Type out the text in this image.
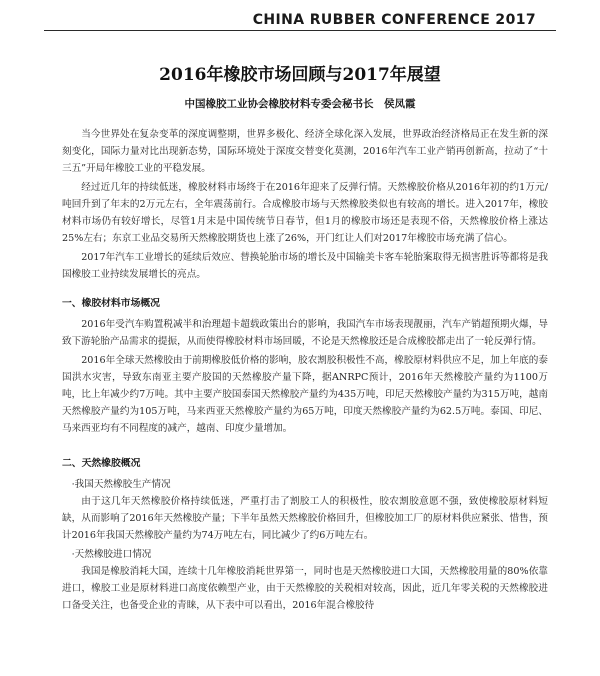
CHINA RUBBER CONFERENCE 2017
2016年橡胶市场回顾与2017年展望
中国橡胶工业协会橡胶材料专委会秘书长　侯凤霞

当今世界处在复杂变革的深度调整期，世界多极化、经济全球化深入发展，世界政治经济格局正在发生新的深刻变化，国际力量对比出现新态势，国际环境处于深度交替变化莫测，2016年汽车工业产销再创新高，拉动了“十三五”开局年橡胶工业的平稳发展。

经过近几年的持续低迷，橡胶材料市场终于在2016年迎来了反弹行情。天然橡胶价格从2016年初的约1万元/吨回升到了年末的2万元左右，全年震荡前行。合成橡胶市场与天然橡胶类似也有较高的增长。进入2017年，橡胶材料市场仍有较好增长，尽管1月末是中国传统节日春节，但1月的橡胶市场还是表现不俗，天然橡胶价格上涨达25%左右；东京工业品交易所天然橡胶期货也上涨了26%，开门红让人们对2017年橡胶市场充满了信心。

2017年汽车工业增长的延续后效应、替换轮胎市场的增长及中国输美卡客车轮胎案取得无损害胜诉等都将是我国橡胶工业持续发展增长的亮点。

一、橡胶材料市场概况

2016年受汽车购置税减半和治理超卡超载政策出台的影响，我国汽车市场表现靓丽，汽车产销超预期火爆，导致下游轮胎产品需求的提振，从而使得橡胶材料市场回暖，不论是天然橡胶还是合成橡胶都走出了一轮反弹行情。

2016年全球天然橡胶由于前期橡胶低价格的影响，胶农割胶积极性不高，橡胶原材料供应不足，加上年底的泰国洪水灾害，导致东南亚主要产胶国的天然橡胶产量下降，据ANRPC预计，2016年天然橡胶产量约为1100万吨，比上年减少约7万吨。其中主要产胶国泰国天然橡胶产量约为435万吨，印尼天然橡胶产量约为315万吨，越南天然橡胶产量约为105万吨，马来西亚天然橡胶产量约为65万吨，印度天然橡胶产量约为62.5万吨。泰国、印尼、马来西亚均有不同程度的减产，越南、印度少量增加。

二、天然橡胶概况
·我国天然橡胶生产情况

由于这几年天然橡胶价格持续低迷，严重打击了割胶工人的积极性，胶农割胶意愿不强，致使橡胶原材料短缺，从而影响了2016年天然橡胶产量；下半年虽然天然橡胶价格回升，但橡胶加工厂的原材料供应紧张、惜售，预计2016年我国天然橡胶产量约为74万吨左右，同比减少了约6万吨左右。

·天然橡胶进口情况

我国是橡胶消耗大国，连续十几年橡胶消耗世界第一，同时也是天然橡胶进口大国，天然橡胶用量的80%依靠进口，橡胶工业是原材料进口高度依赖型产业，由于天然橡胶的关税相对较高，因此，近几年零关税的天然橡胶进口备受关注，也备受企业的青睐，从下表中可以看出，2016年混合橡胶待
